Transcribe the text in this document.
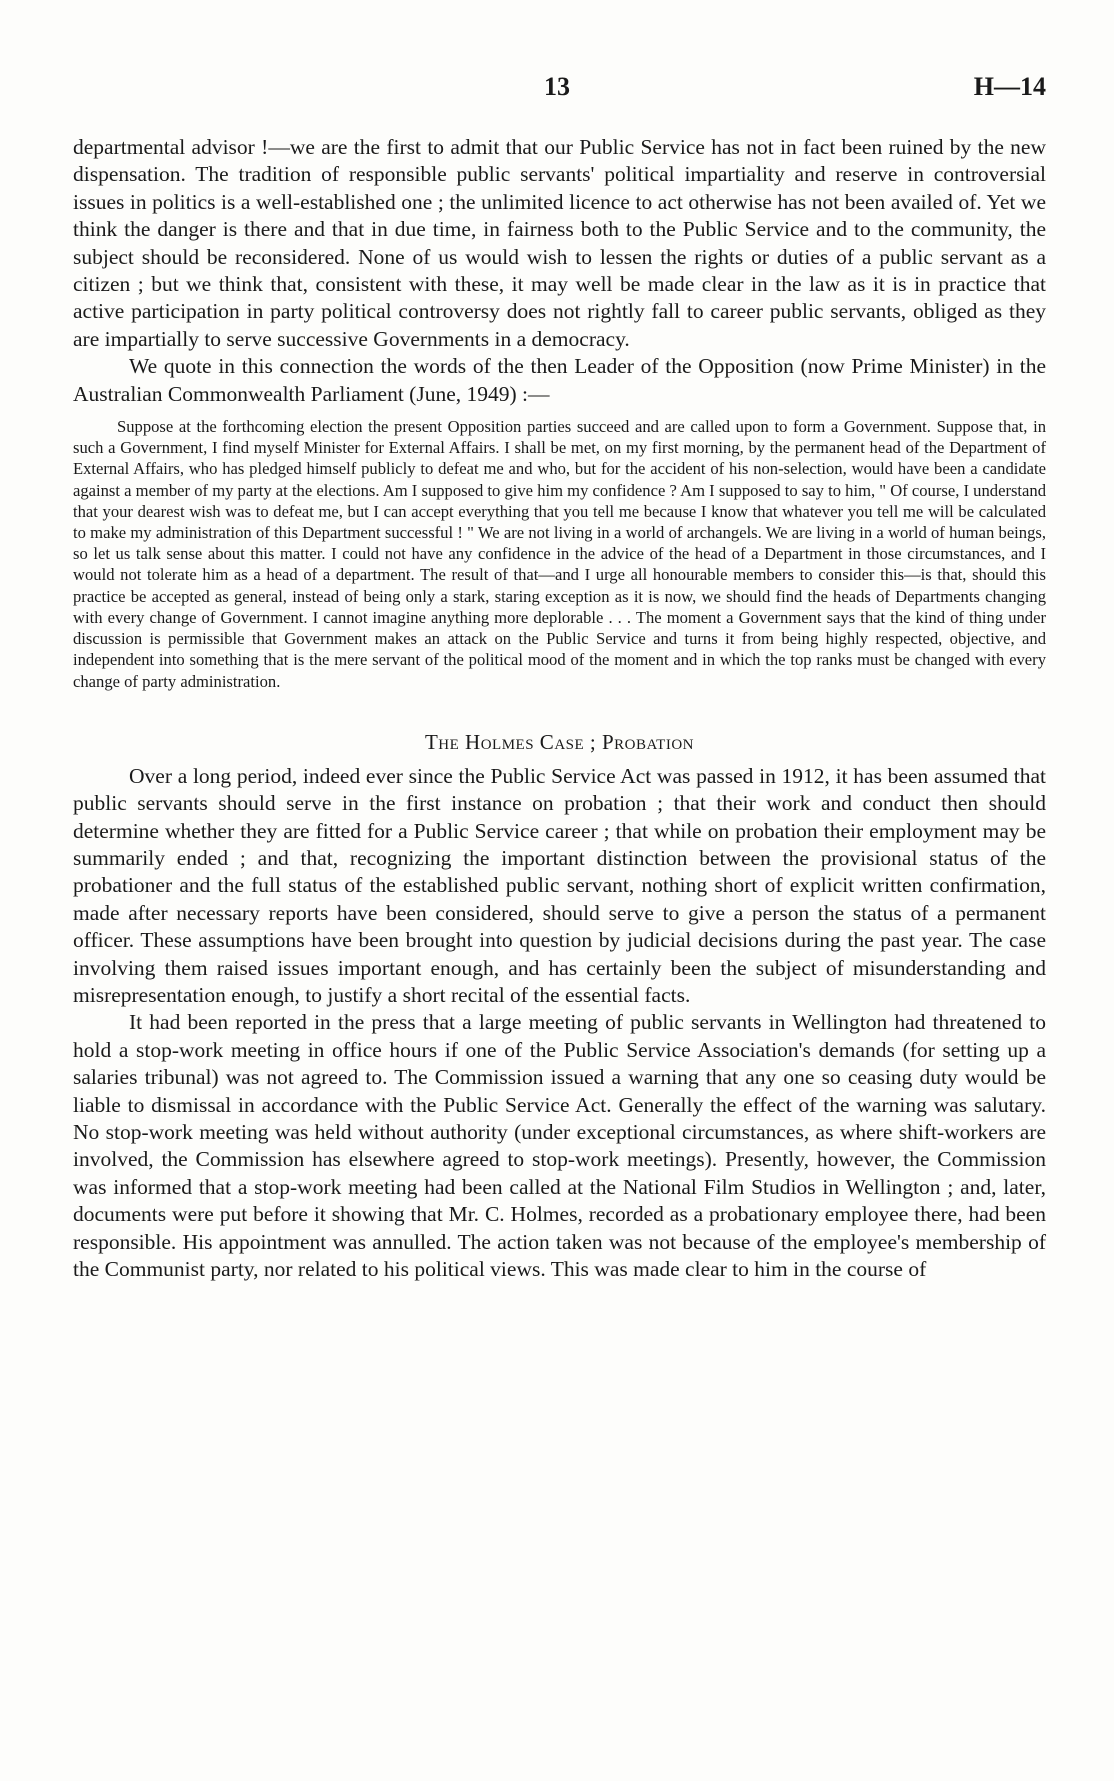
13	H—14

departmental advisor !—we are the first to admit that our Public Service has not in fact been ruined by the new dispensation. The tradition of responsible public servants' political impartiality and reserve in controversial issues in politics is a well-established one ; the unlimited licence to act otherwise has not been availed of. Yet we think the danger is there and that in due time, in fairness both to the Public Service and to the community, the subject should be reconsidered. None of us would wish to lessen the rights or duties of a public servant as a citizen ; but we think that, consistent with these, it may well be made clear in the law as it is in practice that active participation in party political controversy does not rightly fall to career public servants, obliged as they are impartially to serve successive Governments in a democracy.

We quote in this connection the words of the then Leader of the Opposition (now Prime Minister) in the Australian Commonwealth Parliament (June, 1949) :—

Suppose at the forthcoming election the present Opposition parties succeed and are called upon to form a Government. Suppose that, in such a Government, I find myself Minister for External Affairs. I shall be met, on my first morning, by the permanent head of the Department of External Affairs, who has pledged himself publicly to defeat me and who, but for the accident of his non-selection, would have been a candidate against a member of my party at the elections. Am I supposed to give him my confidence ? Am I supposed to say to him, " Of course, I understand that your dearest wish was to defeat me, but I can accept everything that you tell me because I know that whatever you tell me will be calculated to make my administration of this Department successful ! " We are not living in a world of archangels. We are living in a world of human beings, so let us talk sense about this matter. I could not have any confidence in the advice of the head of a Department in those circumstances, and I would not tolerate him as a head of a department. The result of that—and I urge all honourable members to consider this—is that, should this practice be accepted as general, instead of being only a stark, staring exception as it is now, we should find the heads of Departments changing with every change of Government. I cannot imagine anything more deplorable . . . The moment a Government says that the kind of thing under discussion is permissible that Government makes an attack on the Public Service and turns it from being highly respected, objective, and independent into something that is the mere servant of the political mood of the moment and in which the top ranks must be changed with every change of party administration.
The Holmes Case ; Probation

Over a long period, indeed ever since the Public Service Act was passed in 1912, it has been assumed that public servants should serve in the first instance on probation ; that their work and conduct then should determine whether they are fitted for a Public Service career ; that while on probation their employment may be summarily ended ; and that, recognizing the important distinction between the provisional status of the probationer and the full status of the established public servant, nothing short of explicit written confirmation, made after necessary reports have been considered, should serve to give a person the status of a permanent officer. These assumptions have been brought into question by judicial decisions during the past year. The case involving them raised issues important enough, and has certainly been the subject of misunderstanding and misrepresentation enough, to justify a short recital of the essential facts.

It had been reported in the press that a large meeting of public servants in Wellington had threatened to hold a stop-work meeting in office hours if one of the Public Service Association's demands (for setting up a salaries tribunal) was not agreed to. The Commission issued a warning that any one so ceasing duty would be liable to dismissal in accordance with the Public Service Act. Generally the effect of the warning was salutary. No stop-work meeting was held without authority (under exceptional circumstances, as where shift-workers are involved, the Commission has elsewhere agreed to stop-work meetings). Presently, however, the Commission was informed that a stop-work meeting had been called at the National Film Studios in Wellington ; and, later, documents were put before it showing that Mr. C. Holmes, recorded as a probationary employee there, had been responsible. His appointment was annulled. The action taken was not because of the employee's membership of the Communist party, nor related to his political views. This was made clear to him in the course of
